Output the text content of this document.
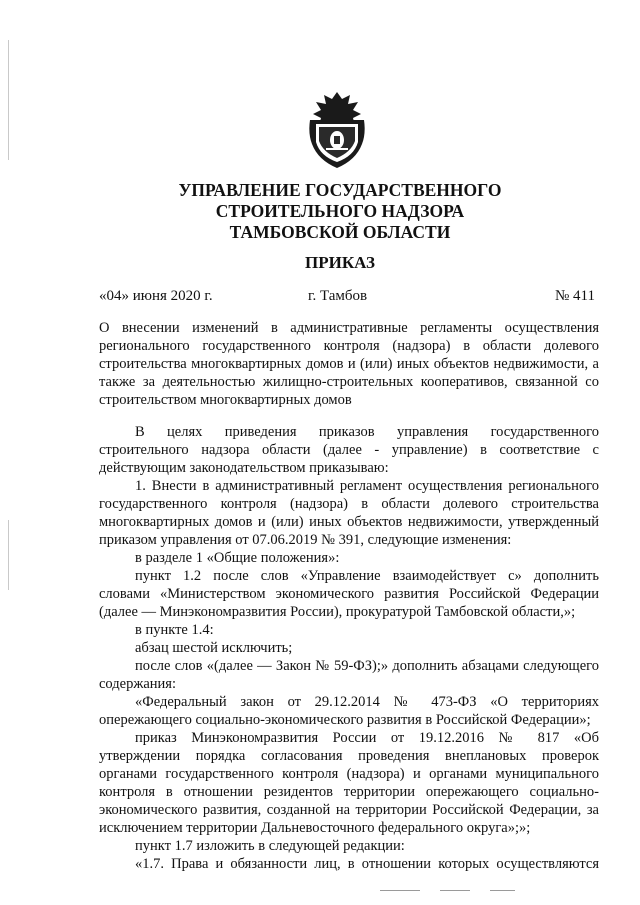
УПРАВЛЕНИЕ ГОСУДАРСТВЕННОГО
СТРОИТЕЛЬНОГО НАДЗОРА
ТАМБОВСКОЙ ОБЛАСТИ
ПРИКАЗ
«04» июня 2020 г.	г. Тамбов	№ 411
О внесении изменений в административные регламенты осуществления
регионального государственного контроля (надзора) в области долевого
строительства многоквартирных домов и (или) иных объектов недвижимости, а
также за деятельностью жилищно-строительных кооперативов, связанной со
строительством многоквартирных домов
В целях приведения приказов управления государственного
строительного надзора области (далее - управление) в соответствие с
действующим законодательством приказываю:
1. Внести в административный регламент осуществления регионального
государственного контроля (надзора) в области долевого строительства
многоквартирных домов и (или) иных объектов недвижимости, утвержденный
приказом управления от 07.06.2019 № 391, следующие изменения:
в разделе 1 «Общие положения»:
пункт 1.2 после слов «Управление взаимодействует с» дополнить
словами «Министерством экономического развития Российской Федерации
(далее — Минэкономразвития России), прокуратурой Тамбовской области,»;
в пункте 1.4:
абзац шестой исключить;
после слов «(далее — Закон № 59-ФЗ);» дополнить абзацами следующего
содержания:
«Федеральный закон от 29.12.2014 № 473-ФЗ «О территориях
опережающего социально-экономического развития в Российской Федерации»;
приказ Минэкономразвития России от 19.12.2016 № 817 «Об
утверждении порядка согласования проведения внеплановых проверок
органами государственного контроля (надзора) и органами муниципального
контроля в отношении резидентов территории опережающего социально-
экономического развития, созданной на территории Российской Федерации, за
исключением территории Дальневосточного федерального округа»;»;
пункт 1.7 изложить в следующей редакции:
«1.7. Права и обязанности лиц, в отношении которых осуществляются
